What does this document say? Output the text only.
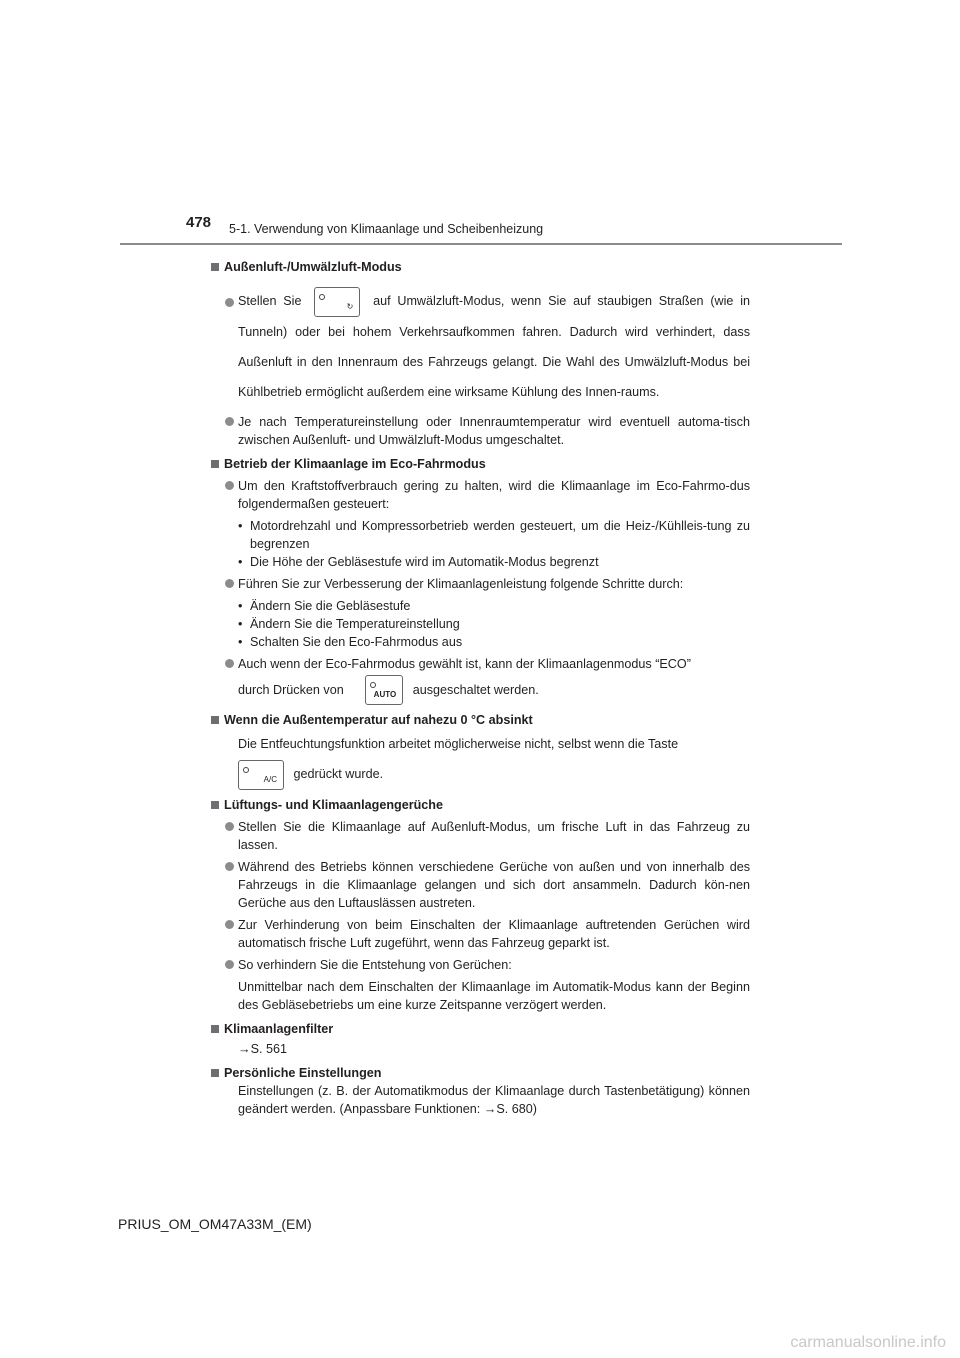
478 5-1. Verwendung von Klimaanlage und Scheibenheizung
Außenluft-/Umwälzluft-Modus
Stellen Sie	↻ auf Umwälzluft-Modus, wenn Sie auf staubigen Straßen (wie in Tunneln) oder bei hohem Verkehrsaufkommen fahren. Dadurch wird verhindert, dass Außenluft in den Innenraum des Fahrzeugs gelangt. Die Wahl des Umwälzluft-Modus bei Kühlbetrieb ermöglicht außerdem eine wirksame Kühlung des Innen-raums.
Je nach Temperatureinstellung oder Innenraumtemperatur wird eventuell automa-tisch zwischen Außenluft- und Umwälzluft-Modus umgeschaltet.
Betrieb der Klimaanlage im Eco-Fahrmodus
Um den Kraftstoffverbrauch gering zu halten, wird die Klimaanlage im Eco-Fahrmo-dus folgendermaßen gesteuert:
• Motordrehzahl und Kompressorbetrieb werden gesteuert, um die Heiz-/Kühlleis-tung zu begrenzen
• Die Höhe der Gebläsestufe wird im Automatik-Modus begrenzt
Führen Sie zur Verbesserung der Klimaanlagenleistung folgende Schritte durch:
• Ändern Sie die Gebläsestufe
• Ändern Sie die Temperatureinstellung
• Schalten Sie den Eco-Fahrmodus aus
Auch wenn der Eco-Fahrmodus gewählt ist, kann der Klimaanlagenmodus “ECO”
durch Drücken von	AUTO ausgeschaltet werden.
Wenn die Außentemperatur auf nahezu 0 °C absinkt
Die Entfeuchtungsfunktion arbeitet möglicherweise nicht, selbst wenn die Taste
A/C gedrückt wurde.
Lüftungs- und Klimaanlagengerüche
Stellen Sie die Klimaanlage auf Außenluft-Modus, um frische Luft in das Fahrzeug zu lassen.
Während des Betriebs können verschiedene Gerüche von außen und von innerhalb des Fahrzeugs in die Klimaanlage gelangen und sich dort ansammeln. Dadurch kön-nen Gerüche aus den Luftauslässen austreten.
Zur Verhinderung von beim Einschalten der Klimaanlage auftretenden Gerüchen wird automatisch frische Luft zugeführt, wenn das Fahrzeug geparkt ist.
So verhindern Sie die Entstehung von Gerüchen:
Unmittelbar nach dem Einschalten der Klimaanlage im Automatik-Modus kann der Beginn des Gebläsebetriebs um eine kurze Zeitspanne verzögert werden.
Klimaanlagenfilter
→S. 561
Persönliche Einstellungen
Einstellungen (z. B. der Automatikmodus der Klimaanlage durch Tastenbetätigung) können geändert werden. (Anpassbare Funktionen: →S. 680)
PRIUS_OM_OM47A33M_(EM)
carmanualsonline.info
